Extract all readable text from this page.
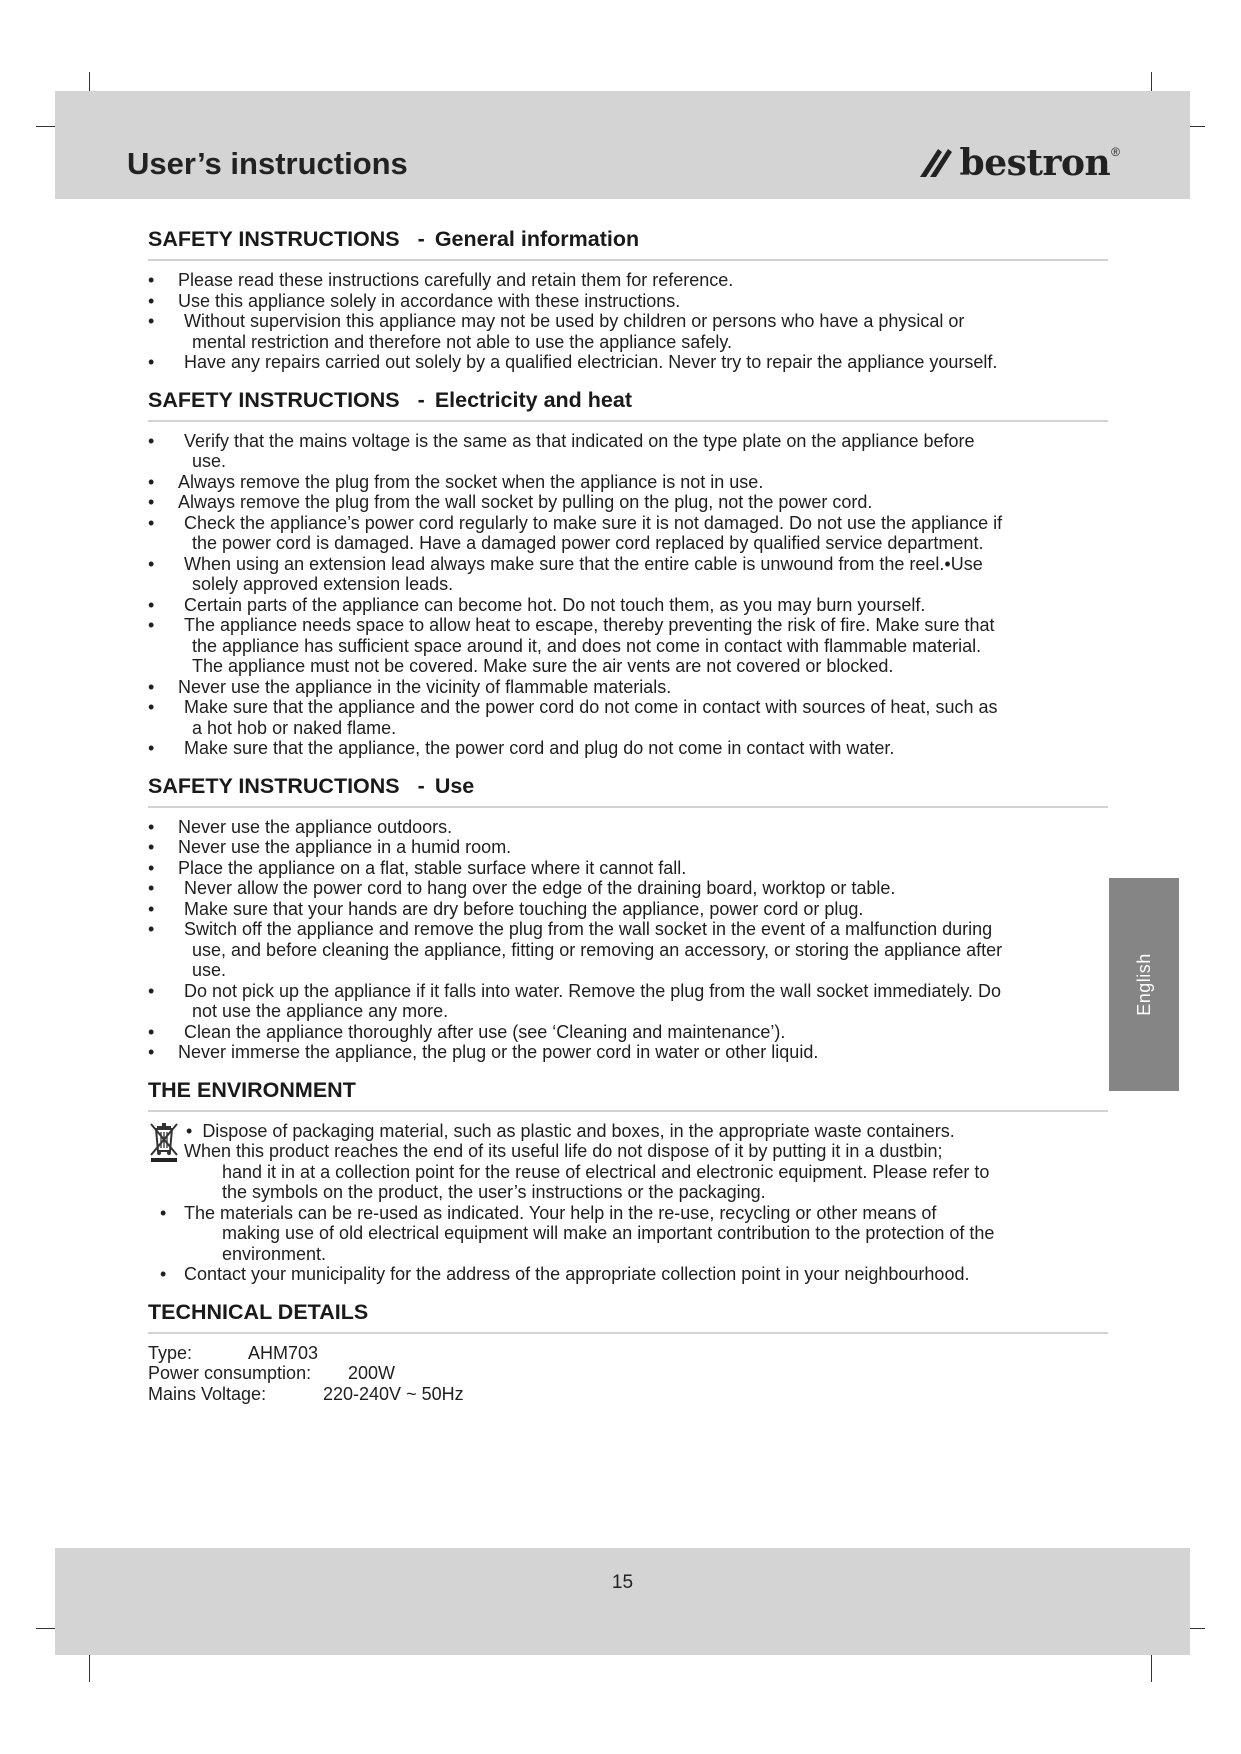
User’s instructions	bestron ®
SAFETY INSTRUCTIONS - General information
• Please read these instructions carefully and retain them for reference.
• Use this appliance solely in accordance with these instructions.
• Without supervision this appliance may not be used by children or persons who have a physical or
mental restriction and therefore not able to use the appliance safely.
• Have any repairs carried out solely by a qualified electrician. Never try to repair the appliance yourself.
SAFETY INSTRUCTIONS - Electricity and heat
• Verify that the mains voltage is the same as that indicated on the type plate on the appliance before
use.
• Always remove the plug from the socket when the appliance is not in use.
• Always remove the plug from the wall socket by pulling on the plug, not the power cord.
• Check the appliance’s power cord regularly to make sure it is not damaged. Do not use the appliance if
the power cord is damaged. Have a damaged power cord replaced by qualified service department.
• When using an extension lead always make sure that the entire cable is unwound from the reel.•Use
solely approved extension leads.
• Certain parts of the appliance can become hot. Do not touch them, as you may burn yourself.
• The appliance needs space to allow heat to escape, thereby preventing the risk of fire. Make sure that
the appliance has sufficient space around it, and does not come in contact with flammable material.
The appliance must not be covered. Make sure the air vents are not covered or blocked.
• Never use the appliance in the vicinity of flammable materials.
• Make sure that the appliance and the power cord do not come in contact with sources of heat, such as
a hot hob or naked flame.
• Make sure that the appliance, the power cord and plug do not come in contact with water.
SAFETY INSTRUCTIONS - Use
• Never use the appliance outdoors.
• Never use the appliance in a humid room.
• Place the appliance on a flat, stable surface where it cannot fall.
• Never allow the power cord to hang over the edge of the draining board, worktop or table.
• Make sure that your hands are dry before touching the appliance, power cord or plug.
• Switch off the appliance and remove the plug from the wall socket in the event of a malfunction during
use, and before cleaning the appliance, fitting or removing an accessory, or storing the appliance after
use.
• Do not pick up the appliance if it falls into water. Remove the plug from the wall socket immediately. Do
not use the appliance any more.
• Clean the appliance thoroughly after use (see ‘Cleaning and maintenance’).
• Never immerse the appliance, the plug or the power cord in water or other liquid.
THE ENVIRONMENT
• Dispose of packaging material, such as plastic and boxes, in the appropriate waste containers.
When this product reaches the end of its useful life do not dispose of it by putting it in a dustbin;
hand it in at a collection point for the reuse of electrical and electronic equipment. Please refer to
the symbols on the product, the user’s instructions or the packaging.
• The materials can be re-used as indicated. Your help in the re-use, recycling or other means of
making use of old electrical equipment will make an important contribution to the protection of the
environment.
• Contact your municipality for the address of the appropriate collection point in your neighbourhood.
TECHNICAL DETAILS
Type:	AHM703
Power consumption:	200W
Mains Voltage:	220-240V ~ 50Hz
English
15
